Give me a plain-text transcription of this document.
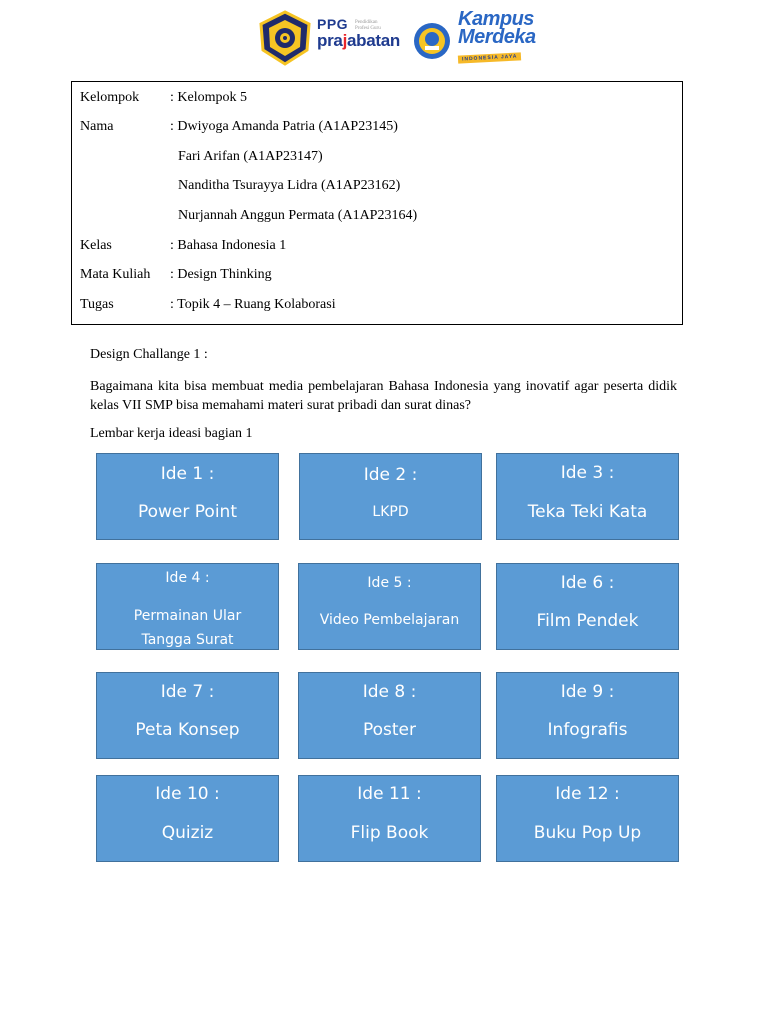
PPG
prajabatan
Pendidikan Profesi Guru	Kampus
Merdeka
INDONESIA JAYA
Kelompok : Kelompok 5
Nama	: Dwiyoga Amanda Patria (A1AP23145)
Fari Arifan (A1AP23147)
Nanditha Tsurayya Lidra (A1AP23162)
Nurjannah Anggun Permata (A1AP23164)
Kelas	: Bahasa Indonesia 1
Mata Kuliah : Design Thinking
Tugas	: Topik 4 – Ruang Kolaborasi
Design Challange 1 :
Bagaimana kita bisa membuat media pembelajaran Bahasa Indonesia yang inovatif agar peserta didik kelas VII SMP bisa memahami materi surat pribadi dan surat dinas?
Lembar kerja ideasi bagian 1
Ide 1 :
Power Point
Ide 2 :
LKPD
Ide 3 :
Teka Teki Kata
Ide 4 :
Permainan Ular Tangga Surat
Ide 5 :
Video Pembelajaran
Ide 6 :
Film Pendek
Ide 7 :
Peta Konsep
Ide 8 :
Poster
Ide 9 :
Infografis
Ide 10 :
Quiziz
Ide 11 :
Flip Book
Ide 12 :
Buku Pop Up
